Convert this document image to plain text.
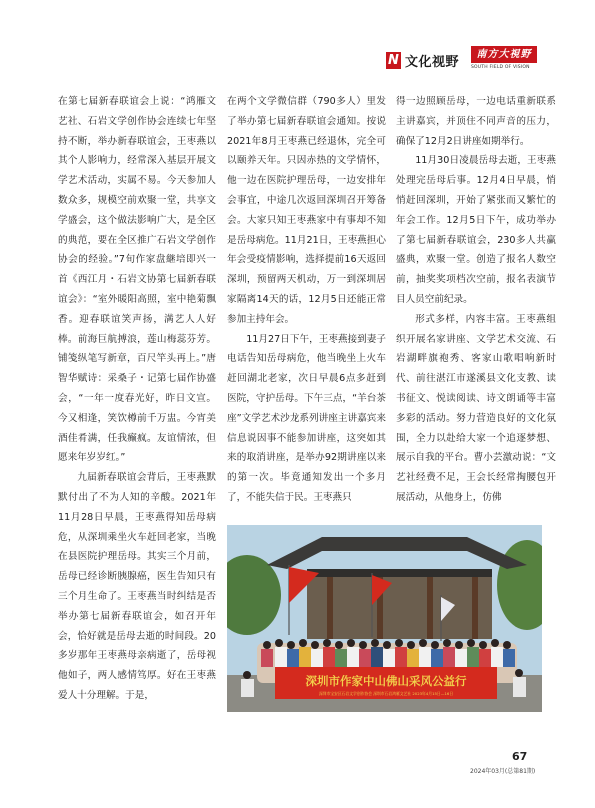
N 文化视野
南方大視野
SOUTH FIELD OF VISION

在第七届新春联谊会上说：“鸿雁文艺社、石岩文学创作协会连续七年坚持不断，举办新春联谊会，王枣燕以其个人影响力，经常深入基层开展文学艺术活动，实属不易。今天参加人数众多，规模空前欢聚一堂，共享文学盛会，这个做法影响广大，是全区的典范，要在全区推广石岩文学创作协会的经验。”7旬作家盘継培即兴一首《西江月・石岩文协第七届新春联谊会》：“室外暖阳高照，室中艳菊飘香。迎春联谊笑声扬，满艺人人好棒。前海巨航搏浪，莲山梅蕊芬芳。铺笺纵笔写新章，百尺竿头再上。”唐智华赋诗：采桑子・记第七届作协盛会，“一年一度春光好，昨日文宣。今又相逢，笑饮樽前千万盅。今宵美酒佳肴满，任我癫疯。友谊情浓，但愿来年岁岁红。”

九届新春联谊会背后，王枣燕默默付出了不为人知的辛酸。2021年11月28日早晨，王枣燕得知岳母病危，从深圳乘坐火车赶回老家，当晚在县医院护理岳母。其实三个月前，岳母已经诊断胰腺癌，医生告知只有三个月生命了。王枣燕当时纠结是否举办第七届新春联谊会，如召开年会，恰好就是岳母去逝的时间段。20多岁那年王枣燕母亲病逝了，岳母视他如子，两人感情笃厚。好在王枣燕爱人十分理解。于是，

在两个文学微信群（790多人）里发了举办第七届新春联谊会通知。按说2021年8月王枣燕已经退休，完全可以颐养天年。只因赤热的文学情怀，他一边在医院护理岳母，一边安排年会事宜，中途几次返回深圳召开筹备会。大家只知王枣燕家中有事却不知是岳母病危。11月21日，王枣燕担心年会受疫情影响，选择提前16天返回深圳，预留两天机动，万一到深圳居家隔离14天的话，12月5日还能正常参加主持年会。

11月27日下午，王枣燕接到妻子电话告知岳母病危，他当晚坐上火车赶回湖北老家，次日早晨6点多赶到医院，守护岳母。下午三点，“羊台茶座”文学艺术沙龙系列讲座主讲嘉宾来信息说因事不能参加讲座，这突如其来的取消讲座，是举办92期讲座以来的第一次。毕竟通知发出一个多月了，不能失信于民。王枣燕只

得一边照顾岳母，一边电话重新联系主讲嘉宾，并顶住不同声音的压力，确保了12月2日讲座如期举行。

11月30日凌晨岳母去逝，王枣燕处理完岳母后事。12月4日早晨，悄悄赶回深圳，开始了紧张而又繁忙的年会工作。12月5日下午，成功举办了第七届新春联谊会，230多人共赢盛典，欢聚一堂。创造了报名人数空前，抽奖奖项档次空前，报名表演节目人员空前纪录。

形式多样，内容丰富。王枣燕组织开展名家讲座、文学艺术交流、石岩湖畔旗袍秀、客家山歌唱响新时代、前往湛江市遂溪县文化支教、读书征文、悦读阅读、诗文朗诵等丰富多彩的活动。努力营造良好的文化氛围，全力以赴给大家一个追逐梦想、展示自我的平台。曹小芸激动说：“文艺社经费不足，王会长经常掏腰包开展活动，从他身上，仿佛

深圳市作家中山佛山采风公益行
深圳市宝安区石岩文学创作协会 深圳市石岩鸿雁文艺社 2023年4月15日—16日
67
2024年03月(总第81期)
